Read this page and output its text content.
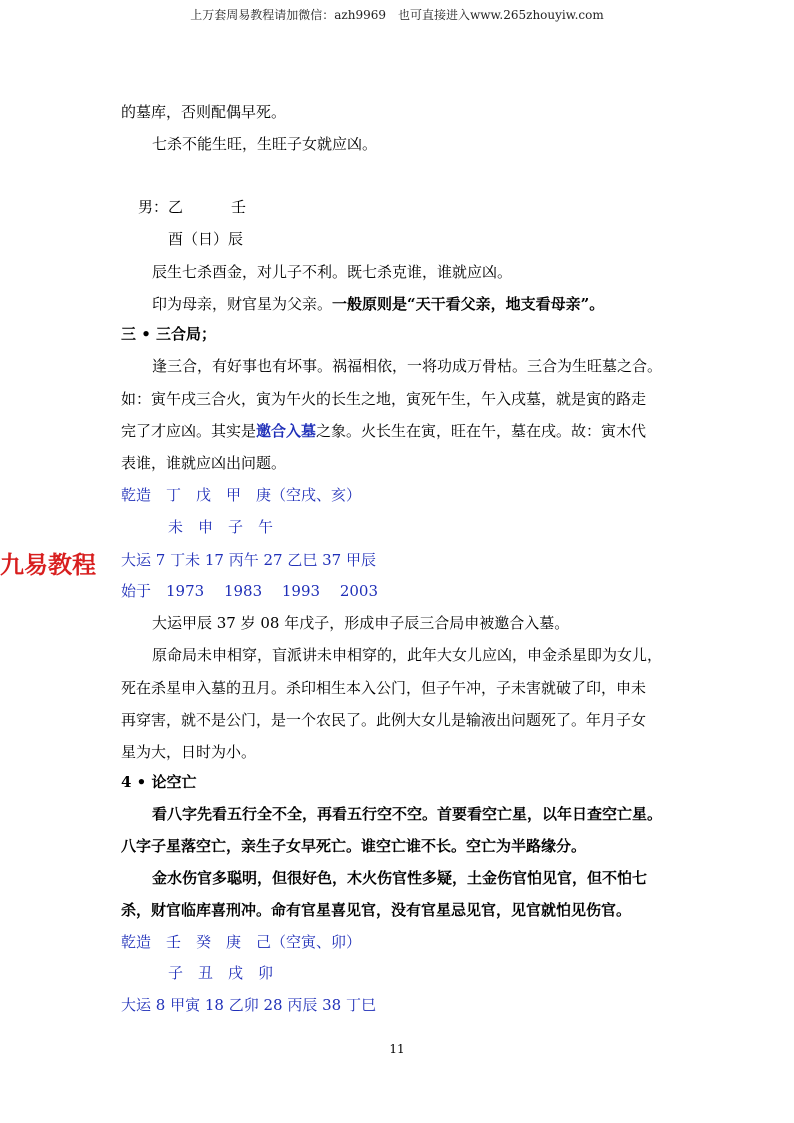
上万套周易教程请加微信：azh9969　也可直接进入www.265zhouyiw.com
的墓库，否则配偶早死。
七杀不能生旺，生旺子女就应凶。
男：乙	壬
酉（日）辰
辰生七杀酉金，对儿子不利。既七杀克谁，谁就应凶。
印为母亲，财官星为父亲。一般原则是“天干看父亲，地支看母亲”。
三 • 三合局；
逢三合，有好事也有坏事。祸福相依，一将功成万骨枯。三合为生旺墓之合。
如：寅午戌三合火，寅为午火的长生之地，寅死午生，午入戌墓，就是寅的路走
完了才应凶。其实是邀合入墓之象。火长生在寅，旺在午，墓在戌。故：寅木代
表谁，谁就应凶出问题。
乾造　丁　戊　甲　庚（空戌、亥）
未　申　子　午
九易教程 大运 7 丁未 17 丙午 27 乙巳 37 甲辰
始于　1973　 1983　 1993　 2003
大运甲辰 37 岁 08 年戊子，形成申子辰三合局申被邀合入墓。
原命局未申相穿，盲派讲未申相穿的，此年大女儿应凶，申金杀星即为女儿，
死在杀星申入墓的丑月。杀印相生本入公门，但子午冲，子未害就破了印，申未
再穿害，就不是公门，是一个农民了。此例大女儿是输液出问题死了。年月子女
星为大，日时为小。
4 • 论空亡
看八字先看五行全不全，再看五行空不空。首要看空亡星，以年日查空亡星。
八字子星落空亡，亲生子女早死亡。谁空亡谁不长。空亡为半路缘分。
金水伤官多聪明，但很好色，木火伤官性多疑，土金伤官怕见官，但不怕七
杀，财官临库喜刑冲。命有官星喜见官，没有官星忌见官，见官就怕见伤官。
乾造　壬　癸　庚　己（空寅、卯）
子　丑　戌　卯
大运 8 甲寅 18 乙卯 28 丙辰 38 丁巳
11
